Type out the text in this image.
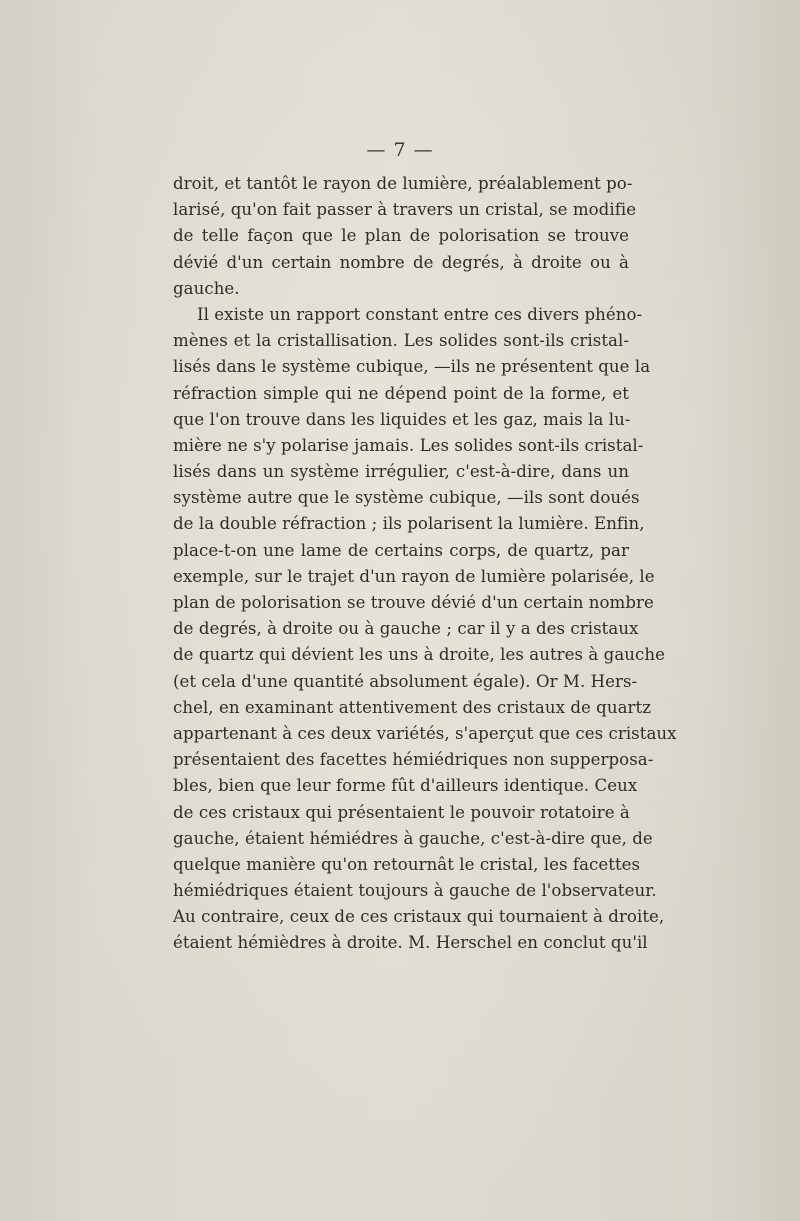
— 7 —
droit, et tantôt le rayon de lumière, préalablement po-
larisé, qu'on fait passer à travers un cristal, se modifie
de telle façon que le plan de polorisation se trouve
dévié d'un certain nombre de degrés, à droite ou à
gauche.
Il existe un rapport constant entre ces divers phéno-
mènes et la cristallisation. Les solides sont-ils cristal-
lisés dans le système cubique, —ils ne présentent que la
réfraction simple qui ne dépend point de la forme, et
que l'on trouve dans les liquides et les gaz, mais la lu-
mière ne s'y polarise jamais. Les solides sont-ils cristal-
lisés dans un système irrégulier, c'est-à-dire, dans un
système autre que le système cubique, —ils sont doués
de la double réfraction ; ils polarisent la lumière. Enfin,
place-t-on une lame de certains corps, de quartz, par
exemple, sur le trajet d'un rayon de lumière polarisée, le
plan de polorisation se trouve dévié d'un certain nombre
de degrés, à droite ou à gauche ; car il y a des cristaux
de quartz qui dévient les uns à droite, les autres à gauche
(et cela d'une quantité absolument égale). Or M. Hers-
chel, en examinant attentivement des cristaux de quartz
appartenant à ces deux variétés, s'aperçut que ces cristaux
présentaient des facettes hémiédriques non supperposa-
bles, bien que leur forme fût d'ailleurs identique. Ceux
de ces cristaux qui présentaient le pouvoir rotatoire à
gauche, étaient hémiédres à gauche, c'est-à-dire que, de
quelque manière qu'on retournât le cristal, les facettes
hémiédriques étaient toujours à gauche de l'observateur.
Au contraire, ceux de ces cristaux qui tournaient à droite,
étaient hémièdres à droite. M. Herschel en conclut qu'il
